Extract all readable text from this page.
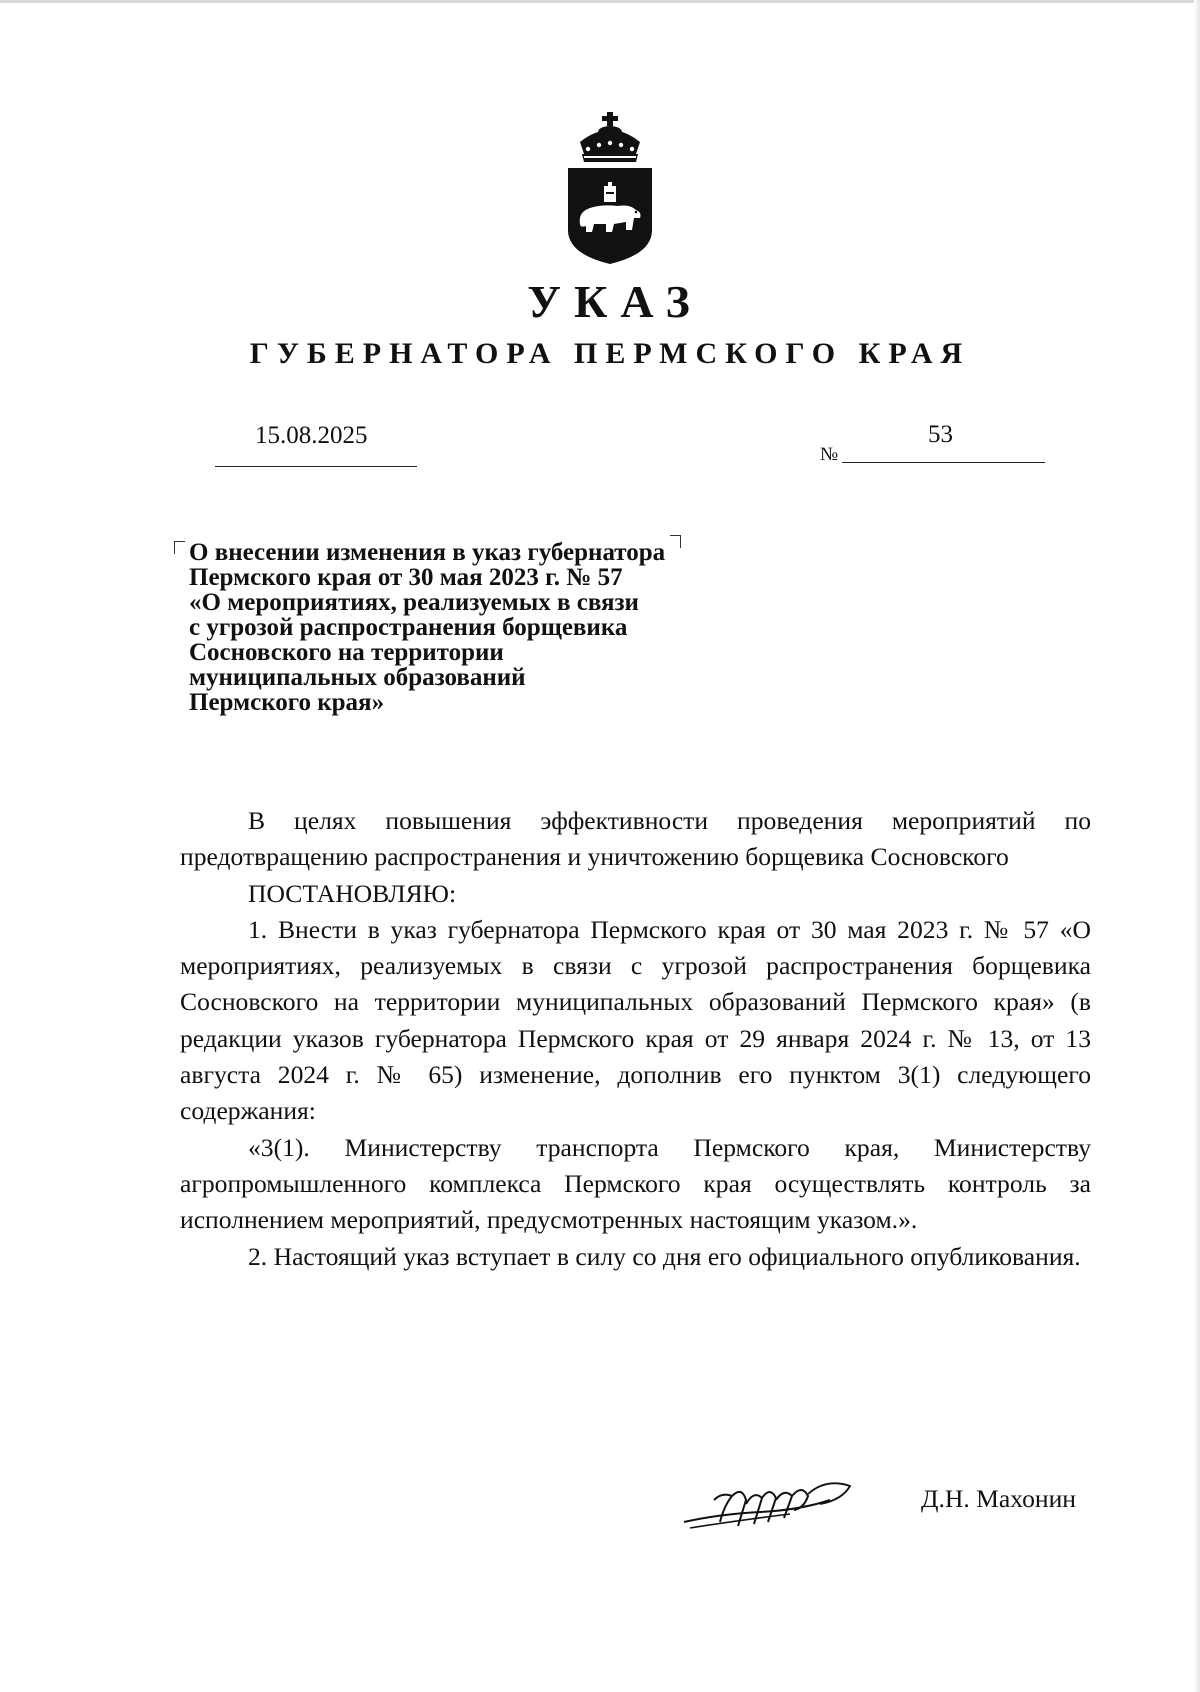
УКАЗ
ГУБЕРНАТОРА ПЕРМСКОГО КРАЯ
15.08.2025
№
53
О внесении изменения в указ губернатора
Пермского края от 30 мая 2023 г. № 57
«О мероприятиях, реализуемых в связи
с угрозой распространения борщевика
Сосновского на территории
муниципальных образований
Пермского края»

В целях повышения эффективности проведения мероприятий по предотвращению распространения и уничтожению борщевика Сосновского

ПОСТАНОВЛЯЮ:

1. Внести в указ губернатора Пермского края от 30 мая 2023 г. № 57 «О мероприятиях, реализуемых в связи с угрозой распространения борщевика Сосновского на территории муниципальных образований Пермского края» (в редакции указов губернатора Пермского края от 29 января 2024 г. № 13, от 13 августа 2024 г. № 65) изменение, дополнив его пунктом 3(1) следующего содержания:

«3(1). Министерству транспорта Пермского края, Министерству агропромышленного комплекса Пермского края осуществлять контроль за исполнением мероприятий, предусмотренных настоящим указом.».

2. Настоящий указ вступает в силу со дня его официального опубликования.

Д.Н. Махонин
